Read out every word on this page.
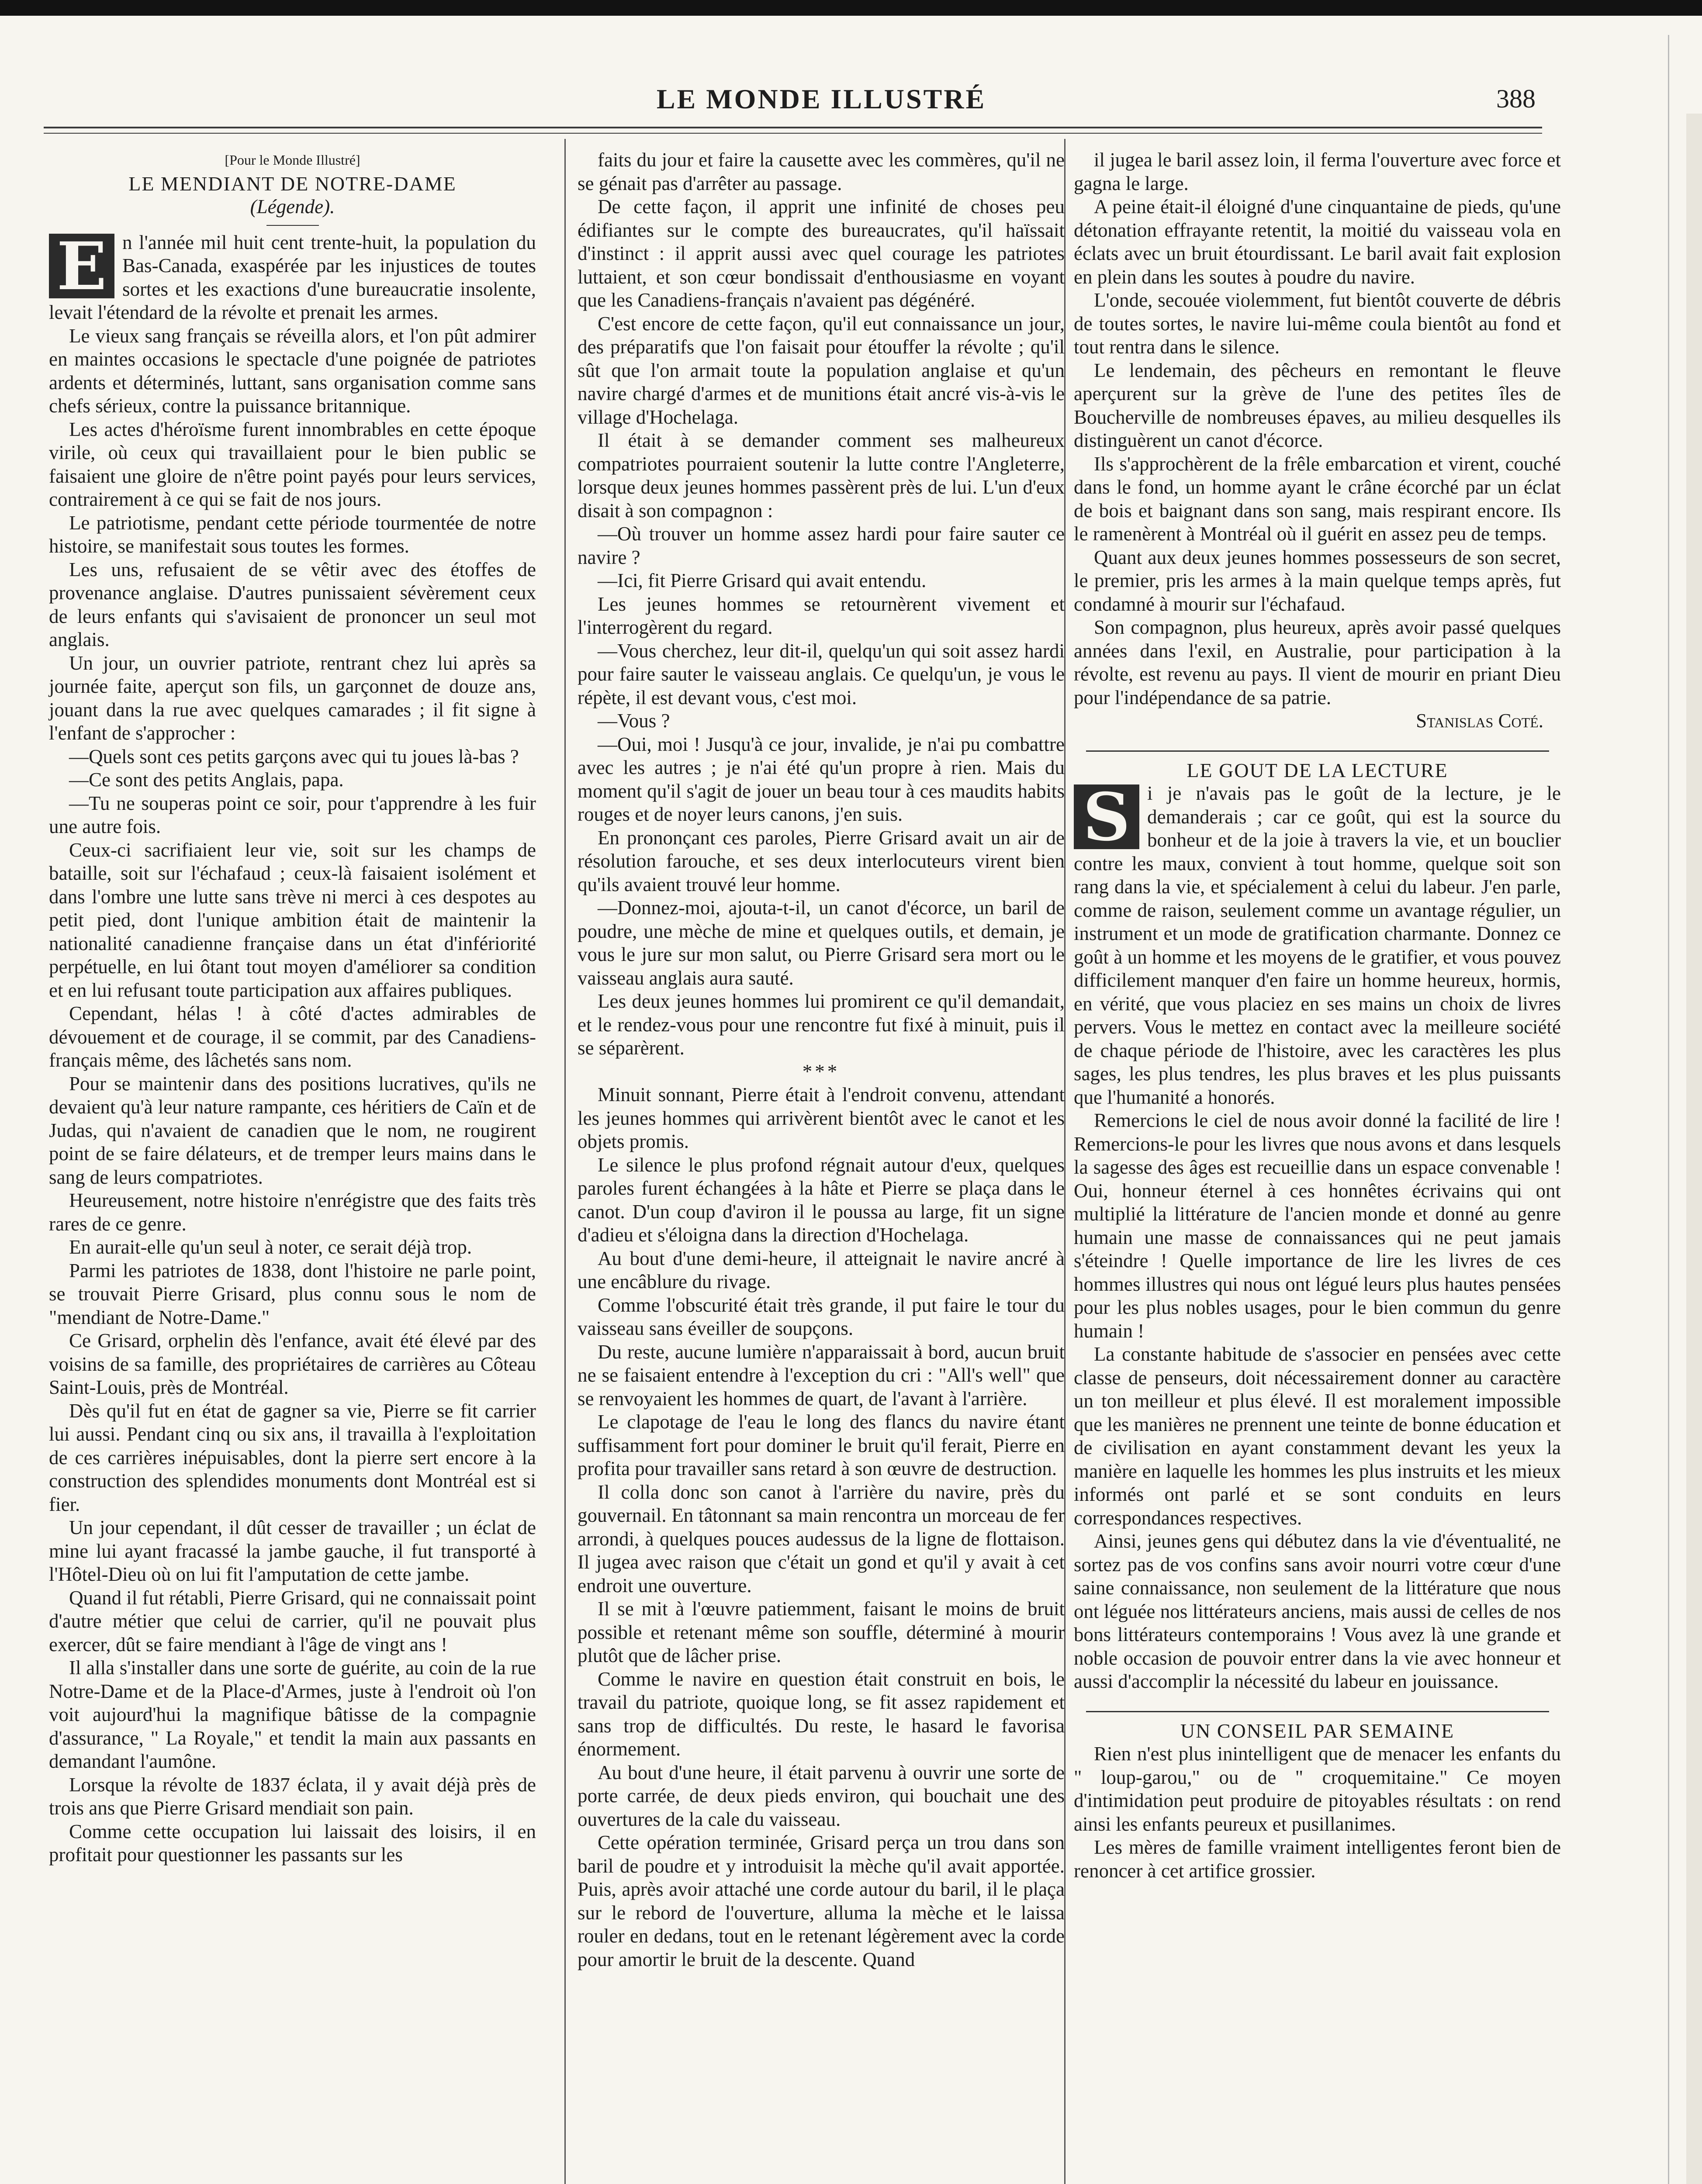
LE MONDE ILLUSTRÉ	388

[Pour le Monde Illustré]

LE MENDIANT DE NOTRE-DAME

(Légende).

E n l'année mil huit cent trente-huit, la population du Bas-Canada, exaspérée par les injustices de toutes sortes et les exactions d'une bureaucratie insolente, levait l'étendard de la révolte et prenait les armes.

Le vieux sang français se réveilla alors, et l'on pût admirer en maintes occasions le spectacle d'une poignée de patriotes ardents et déterminés, luttant, sans organisation comme sans chefs sérieux, contre la puissance britannique.

Les actes d'héroïsme furent innombrables en cette époque virile, où ceux qui travaillaient pour le bien public se faisaient une gloire de n'être point payés pour leurs services, contrairement à ce qui se fait de nos jours.

Le patriotisme, pendant cette période tourmentée de notre histoire, se manifestait sous toutes les formes.

Les uns, refusaient de se vêtir avec des étoffes de provenance anglaise. D'autres punissaient sévèrement ceux de leurs enfants qui s'avisaient de prononcer un seul mot anglais.

Un jour, un ouvrier patriote, rentrant chez lui après sa journée faite, aperçut son fils, un garçonnet de douze ans, jouant dans la rue avec quelques camarades ; il fit signe à l'enfant de s'approcher :

—Quels sont ces petits garçons avec qui tu joues là-bas ?

—Ce sont des petits Anglais, papa.

—Tu ne souperas point ce soir, pour t'apprendre à les fuir une autre fois.

Ceux-ci sacrifiaient leur vie, soit sur les champs de bataille, soit sur l'échafaud ; ceux-là faisaient isolément et dans l'ombre une lutte sans trève ni merci à ces despotes au petit pied, dont l'unique ambition était de maintenir la nationalité canadienne française dans un état d'infériorité perpétuelle, en lui ôtant tout moyen d'améliorer sa condition et en lui refusant toute participation aux affaires publiques.

Cependant, hélas ! à côté d'actes admirables de dévouement et de courage, il se commit, par des Canadiens-français même, des lâchetés sans nom.

Pour se maintenir dans des positions lucratives, qu'ils ne devaient qu'à leur nature rampante, ces héritiers de Caïn et de Judas, qui n'avaient de canadien que le nom, ne rougirent point de se faire délateurs, et de tremper leurs mains dans le sang de leurs compatriotes.

Heureusement, notre histoire n'enrégistre que des faits très rares de ce genre.

En aurait-elle qu'un seul à noter, ce serait déjà trop.

Parmi les patriotes de 1838, dont l'histoire ne parle point, se trouvait Pierre Grisard, plus connu sous le nom de "mendiant de Notre-Dame."

Ce Grisard, orphelin dès l'enfance, avait été élevé par des voisins de sa famille, des propriétaires de carrières au Côteau Saint-Louis, près de Montréal.

Dès qu'il fut en état de gagner sa vie, Pierre se fit carrier lui aussi. Pendant cinq ou six ans, il travailla à l'exploitation de ces carrières inépuisables, dont la pierre sert encore à la construction des splendides monuments dont Montréal est si fier.

Un jour cependant, il dût cesser de travailler ; un éclat de mine lui ayant fracassé la jambe gauche, il fut transporté à l'Hôtel-Dieu où on lui fit l'amputation de cette jambe.

Quand il fut rétabli, Pierre Grisard, qui ne connaissait point d'autre métier que celui de carrier, qu'il ne pouvait plus exercer, dût se faire mendiant à l'âge de vingt ans !

Il alla s'installer dans une sorte de guérite, au coin de la rue Notre-Dame et de la Place-d'Armes, juste à l'endroit où l'on voit aujourd'hui la magnifique bâtisse de la compagnie d'assurance, " La Royale," et tendit la main aux passants en demandant l'aumône.

Lorsque la révolte de 1837 éclata, il y avait déjà près de trois ans que Pierre Grisard mendiait son pain.

Comme cette occupation lui laissait des loisirs, il en profitait pour questionner les passants sur les

faits du jour et faire la causette avec les commères, qu'il ne se génait pas d'arrêter au passage.

De cette façon, il apprit une infinité de choses peu édifiantes sur le compte des bureaucrates, qu'il haïssait d'instinct : il apprit aussi avec quel courage les patriotes luttaient, et son cœur bondissait d'enthousiasme en voyant que les Canadiens-français n'avaient pas dégénéré.

C'est encore de cette façon, qu'il eut connaissance un jour, des préparatifs que l'on faisait pour étouffer la révolte ; qu'il sût que l'on armait toute la population anglaise et qu'un navire chargé d'armes et de munitions était ancré vis-à-vis le village d'Hochelaga.

Il était à se demander comment ses malheureux compatriotes pourraient soutenir la lutte contre l'Angleterre, lorsque deux jeunes hommes passèrent près de lui. L'un d'eux disait à son compagnon :

—Où trouver un homme assez hardi pour faire sauter ce navire ?

—Ici, fit Pierre Grisard qui avait entendu.

Les jeunes hommes se retournèrent vivement et l'interrogèrent du regard.

—Vous cherchez, leur dit-il, quelqu'un qui soit assez hardi pour faire sauter le vaisseau anglais. Ce quelqu'un, je vous le répète, il est devant vous, c'est moi.

—Vous ?

—Oui, moi ! Jusqu'à ce jour, invalide, je n'ai pu combattre avec les autres ; je n'ai été qu'un propre à rien. Mais du moment qu'il s'agit de jouer un beau tour à ces maudits habits rouges et de noyer leurs canons, j'en suis.

En prononçant ces paroles, Pierre Grisard avait un air de résolution farouche, et ses deux interlocuteurs virent bien qu'ils avaient trouvé leur homme.

—Donnez-moi, ajouta-t-il, un canot d'écorce, un baril de poudre, une mèche de mine et quelques outils, et demain, je vous le jure sur mon salut, ou Pierre Grisard sera mort ou le vaisseau anglais aura sauté.

Les deux jeunes hommes lui promirent ce qu'il demandait, et le rendez-vous pour une rencontre fut fixé à minuit, puis il se séparèrent.

***

Minuit sonnant, Pierre était à l'endroit convenu, attendant les jeunes hommes qui arrivèrent bientôt avec le canot et les objets promis.

Le silence le plus profond régnait autour d'eux, quelques paroles furent échangées à la hâte et Pierre se plaça dans le canot. D'un coup d'aviron il le poussa au large, fit un signe d'adieu et s'éloigna dans la direction d'Hochelaga.

Au bout d'une demi-heure, il atteignait le navire ancré à une encâblure du rivage.

Comme l'obscurité était très grande, il put faire le tour du vaisseau sans éveiller de soupçons.

Du reste, aucune lumière n'apparaissait à bord, aucun bruit ne se faisaient entendre à l'exception du cri : "All's well" que se renvoyaient les hommes de quart, de l'avant à l'arrière.

Le clapotage de l'eau le long des flancs du navire étant suffisamment fort pour dominer le bruit qu'il ferait, Pierre en profita pour travailler sans retard à son œuvre de destruction.

Il colla donc son canot à l'arrière du navire, près du gouvernail. En tâtonnant sa main rencontra un morceau de fer arrondi, à quelques pouces audessus de la ligne de flottaison. Il jugea avec raison que c'était un gond et qu'il y avait à cet endroit une ouverture.

Il se mit à l'œuvre patiemment, faisant le moins de bruit possible et retenant même son souffle, déterminé à mourir plutôt que de lâcher prise.

Comme le navire en question était construit en bois, le travail du patriote, quoique long, se fit assez rapidement et sans trop de difficultés. Du reste, le hasard le favorisa énormement.

Au bout d'une heure, il était parvenu à ouvrir une sorte de porte carrée, de deux pieds environ, qui bouchait une des ouvertures de la cale du vaisseau.

Cette opération terminée, Grisard perça un trou dans son baril de poudre et y introduisit la mèche qu'il avait apportée. Puis, après avoir attaché une corde autour du baril, il le plaça sur le rebord de l'ouverture, alluma la mèche et le laissa rouler en dedans, tout en le retenant légèrement avec la corde pour amortir le bruit de la descente. Quand

il jugea le baril assez loin, il ferma l'ouverture avec force et gagna le large.

A peine était-il éloigné d'une cinquantaine de pieds, qu'une détonation effrayante retentit, la moitié du vaisseau vola en éclats avec un bruit étourdissant. Le baril avait fait explosion en plein dans les soutes à poudre du navire.

L'onde, secouée violemment, fut bientôt couverte de débris de toutes sortes, le navire lui-même coula bientôt au fond et tout rentra dans le silence.

Le lendemain, des pêcheurs en remontant le fleuve aperçurent sur la grève de l'une des petites îles de Boucherville de nombreuses épaves, au milieu desquelles ils distinguèrent un canot d'écorce.

Ils s'approchèrent de la frêle embarcation et virent, couché dans le fond, un homme ayant le crâne écorché par un éclat de bois et baignant dans son sang, mais respirant encore. Ils le ramenèrent à Montréal où il guérit en assez peu de temps.

Quant aux deux jeunes hommes possesseurs de son secret, le premier, pris les armes à la main quelque temps après, fut condamné à mourir sur l'échafaud.

Son compagnon, plus heureux, après avoir passé quelques années dans l'exil, en Australie, pour participation à la révolte, est revenu au pays. Il vient de mourir en priant Dieu pour l'indépendance de sa patrie.

Stanislas Coté.

LE GOUT DE LA LECTURE

S i je n'avais pas le goût de la lecture, je le demanderais ; car ce goût, qui est la source du bonheur et de la joie à travers la vie, et un bouclier contre les maux, convient à tout homme, quelque soit son rang dans la vie, et spécialement à celui du labeur. J'en parle, comme de raison, seulement comme un avantage régulier, un instrument et un mode de gratification charmante. Donnez ce goût à un homme et les moyens de le gratifier, et vous pouvez difficilement manquer d'en faire un homme heureux, hormis, en vérité, que vous placiez en ses mains un choix de livres pervers. Vous le mettez en contact avec la meilleure société de chaque période de l'histoire, avec les caractères les plus sages, les plus tendres, les plus braves et les plus puissants que l'humanité a honorés.

Remercions le ciel de nous avoir donné la facilité de lire ! Remercions-le pour les livres que nous avons et dans lesquels la sagesse des âges est recueillie dans un espace convenable ! Oui, honneur éternel à ces honnêtes écrivains qui ont multiplié la littérature de l'ancien monde et donné au genre humain une masse de connaissances qui ne peut jamais s'éteindre ! Quelle importance de lire les livres de ces hommes illustres qui nous ont légué leurs plus hautes pensées pour les plus nobles usages, pour le bien commun du genre humain !

La constante habitude de s'associer en pensées avec cette classe de penseurs, doit nécessairement donner au caractère un ton meilleur et plus élevé. Il est moralement impossible que les manières ne prennent une teinte de bonne éducation et de civilisation en ayant constamment devant les yeux la manière en laquelle les hommes les plus instruits et les mieux informés ont parlé et se sont conduits en leurs correspondances respectives.

Ainsi, jeunes gens qui débutez dans la vie d'éventualité, ne sortez pas de vos confins sans avoir nourri votre cœur d'une saine connaissance, non seulement de la littérature que nous ont léguée nos littérateurs anciens, mais aussi de celles de nos bons littérateurs contemporains ! Vous avez là une grande et noble occasion de pouvoir entrer dans la vie avec honneur et aussi d'accomplir la nécessité du labeur en jouissance.

UN CONSEIL PAR SEMAINE

Rien n'est plus inintelligent que de menacer les enfants du " loup-garou," ou de " croquemitaine." Ce moyen d'intimidation peut produire de pitoyables résultats : on rend ainsi les enfants peureux et pusillanimes.

Les mères de famille vraiment intelligentes feront bien de renoncer à cet artifice grossier.
